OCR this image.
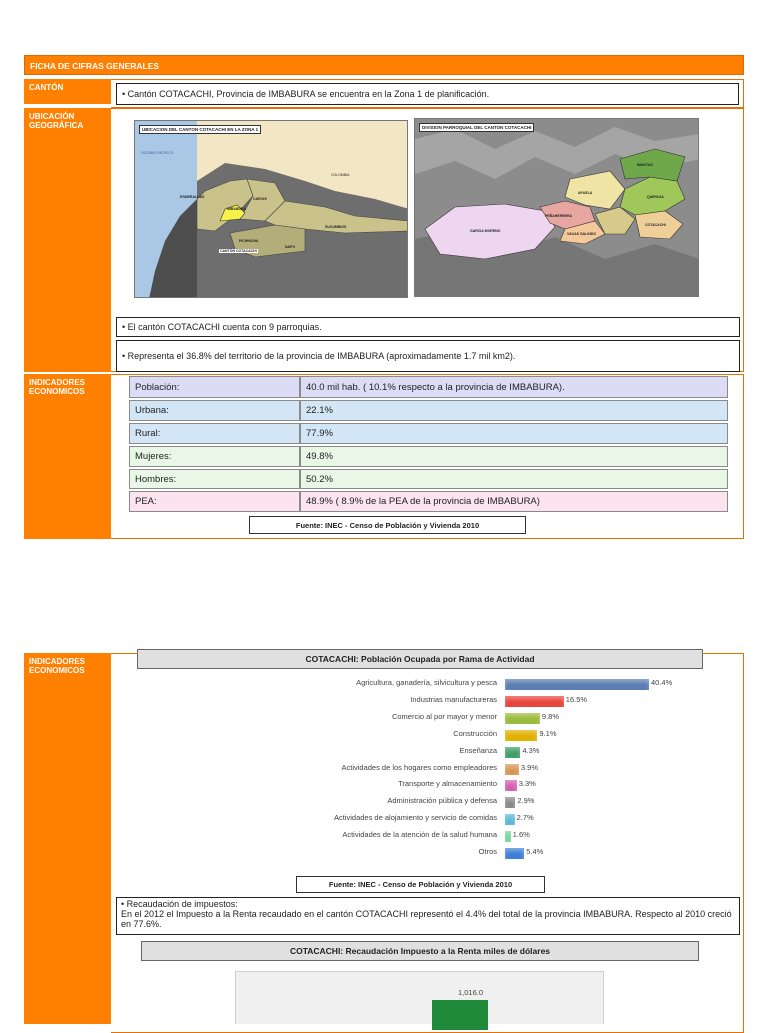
FICHA DE CIFRAS GENERALES
CANTÓN
• Cantón COTACACHI, Provincia de IMBABURA se encuentra en la Zona 1 de planificación.
UBICACIÓN GEOGRÁFICA	UBICACION DEL CANTON COTACACHI EN LA ZONA 1
ESMERALDAS	CARCHI
IMBABURA
SUCUMBIOS
PICHINCHA
NAPO
CANTÓN COTACACHI
OCEANO PACIFICO
COLOMBIA
DIVISION PARROQUIAL DEL CANTON COTACACHI
GARCIA MORENO
PEÑAHERRERA
VACAS GALINDO
APUELA
IMANTAG
QUIROGA
COTACACHI
• El cantón COTACACHI cuenta con 9 parroquias.
• Representa el 36.8% del territorio de la provincia de IMBABURA (aproximadamente 1.7 mil km2).
INDICADORES ECONOMICOS	Población:	40.0 mil hab. ( 10.1% respecto a la provincia de IMBABURA).
Urbana:	22.1%
Rural:	77.9%
Mujeres:	49.8%
Hombres:	50.2%
PEA:	48.9% ( 8.9% de la PEA de la provincia de IMBABURA)
Fuente: INEC - Censo de Población y Vivienda 2010
INDICADORES ECONOMICOS
COTACACHI: Población Ocupada por Rama de Actividad
Agricultura, ganadería, silvicultura y pesca	40.4%
Industrias manufactureras	16.5%
Comercio al por mayor y menor	9.8%
Construcción	9.1%
Enseñanza	4.3%
Actividades de los hogares como empleadores	3.9%
Transporte y almacenamiento	3.3%
Administración pública y defensa	2.9%
Actividades de alojamiento y servicio de comidas	2.7%
Actividades de la atención de la salud humana 1.6%
Otros	5.4%
Fuente: INEC - Censo de Población y Vivienda 2010
• Recaudación de impuestos:
En el 2012 el Impuesto a la Renta recaudado en el cantón COTACACHI representó el 4.4% del total de la provincia IMBABURA. Respecto al 2010 creció en 77.6%.
COTACACHI: Recaudación Impuesto a la Renta miles de dólares
1,016.0
